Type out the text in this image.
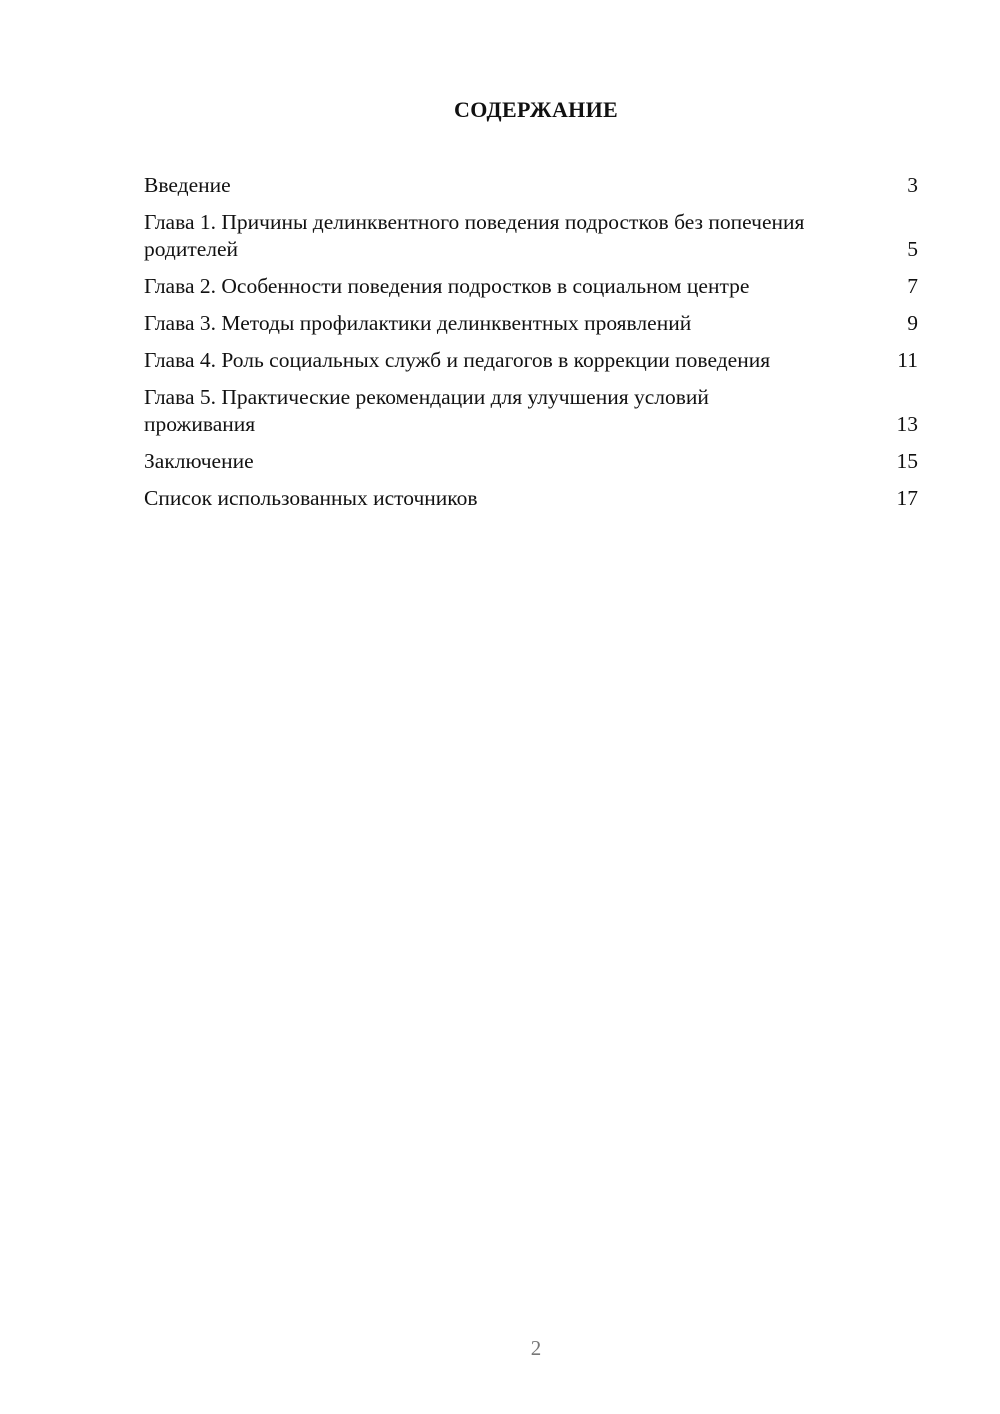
СОДЕРЖАНИЕ
Введение	3
Глава 1. Причины делинквентного поведения подростков без попечения родителей	5
Глава 2. Особенности поведения подростков в социальном центре	7
Глава 3. Методы профилактики делинквентных проявлений	9
Глава 4. Роль социальных служб и педагогов в коррекции поведения	11
Глава 5. Практические рекомендации для улучшения условий проживания	13
Заключение	15
Список использованных источников	17
2
